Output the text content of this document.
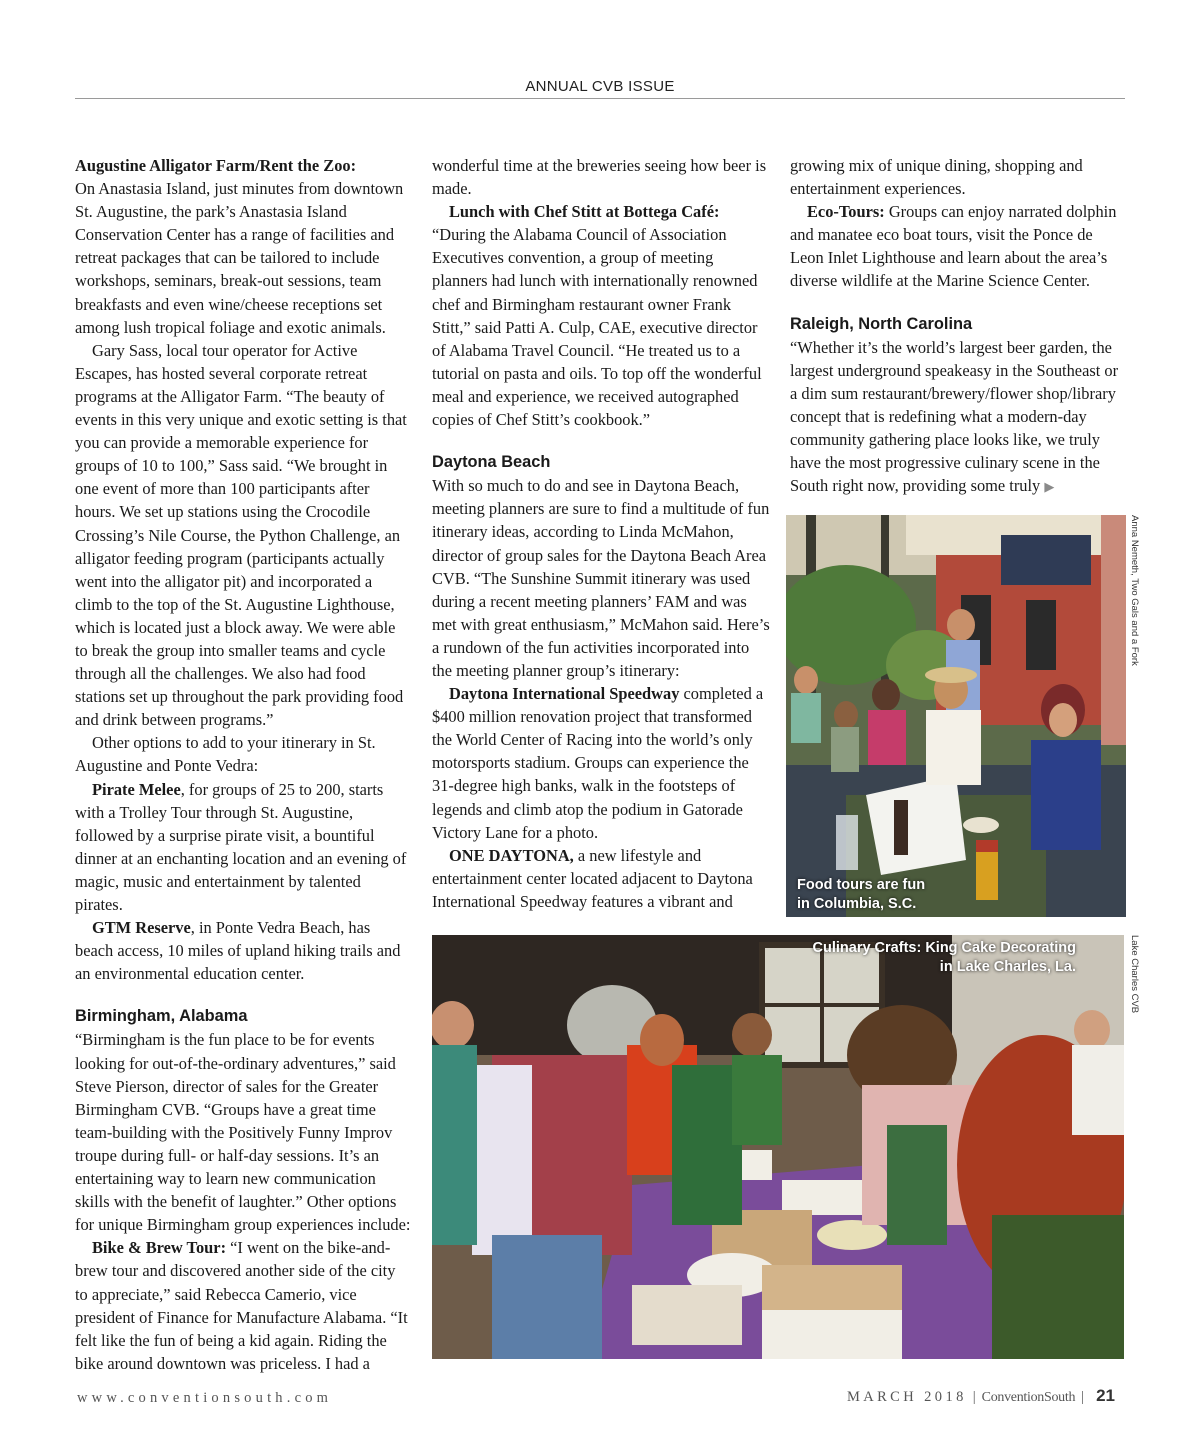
ANNUAL CVB ISSUE

Augustine Alligator Farm/Rent the Zoo:
On Anastasia Island, just minutes from downtown St. Augustine, the park’s Anastasia Island Conservation Center has a range of facilities and retreat packages that can be tailored to include workshops, seminars, break-out sessions, team breakfasts and even wine/cheese receptions set among lush tropical foliage and exotic animals.

Gary Sass, local tour operator for Active Escapes, has hosted several corporate retreat programs at the Alligator Farm. “The beauty of events in this very unique and exotic setting is that you can provide a memorable experience for groups of 10 to 100,” Sass said. “We brought in one event of more than 100 participants after hours. We set up stations using the Crocodile Crossing’s Nile Course, the Python Challenge, an alligator feeding program (participants actually went into the alligator pit) and incorporated a climb to the top of the St. Augustine Lighthouse, which is located just a block away. We were able to break the group into smaller teams and cycle through all the challenges. We also had food stations set up throughout the park providing food and drink between programs.”

Other options to add to your itinerary in St. Augustine and Ponte Vedra:

Pirate Melee, for groups of 25 to 200, starts with a Trolley Tour through St. Augustine, followed by a surprise pirate visit, a bountiful dinner at an enchanting location and an evening of magic, music and entertainment by talented pirates.

GTM Reserve, in Ponte Vedra Beach, has beach access, 10 miles of upland hiking trails and an environmental education center.

Birmingham, Alabama

“Birmingham is the fun place to be for events looking for out-of-the-ordinary adventures,” said Steve Pierson, director of sales for the Greater Birmingham CVB. “Groups have a great time team-building with the Positively Funny Improv troupe during full- or half-day sessions. It’s an entertaining way to learn new communication skills with the benefit of laughter.” Other options for unique Birmingham group experiences include:

Bike & Brew Tour: “I went on the bike-and-brew tour and discovered another side of the city to appreciate,” said Rebecca Camerio, vice president of Finance for Manufacture Alabama. “It felt like the fun of being a kid again. Riding the bike around downtown was priceless. I had a

wonderful time at the breweries seeing how beer is made.

Lunch with Chef Stitt at Bottega Café:

“During the Alabama Council of Association Executives convention, a group of meeting planners had lunch with internationally renowned chef and Birmingham restaurant owner Frank Stitt,” said Patti A. Culp, CAE, executive director of Alabama Travel Council. “He treated us to a tutorial on pasta and oils. To top off the wonderful meal and experience, we received autographed copies of Chef Stitt’s cookbook.”

Daytona Beach

With so much to do and see in Daytona Beach, meeting planners are sure to find a multitude of fun itinerary ideas, according to Linda McMahon, director of group sales for the Daytona Beach Area CVB. “The Sunshine Summit itinerary was used during a recent meeting planners’ FAM and was met with great enthusiasm,” McMahon said. Here’s a rundown of the fun activities incorporated into the meeting planner group’s itinerary:

Daytona International Speedway completed a $400 million renovation project that transformed the World Center of Racing into the world’s only motorsports stadium. Groups can experience the 31-degree high banks, walk in the footsteps of legends and climb atop the podium in Gatorade Victory Lane for a photo.

ONE DAYTONA, a new lifestyle and entertainment center located adjacent to Daytona International Speedway features a vibrant and

growing mix of unique dining, shopping and entertainment experiences.

Eco-Tours: Groups can enjoy narrated dolphin and manatee eco boat tours, visit the Ponce de Leon Inlet Lighthouse and learn about the area’s diverse wildlife at the Marine Science Center.

Raleigh, North Carolina

“Whether it’s the world’s largest beer garden, the largest underground speakeasy in the Southeast or a dim sum restaurant/brewery/flower shop/library concept that is redefining what a modern-day community gathering place looks like, we truly have the most progressive culinary scene in the South right now, providing some truly ▶

Food tours are fun
in Columbia, S.C.
Anna Nemeth, Two Gals and a Fork
Culinary Crafts: King Cake Decorating
in Lake Charles, La.	Lake Charles CVB
www.conventionsouth.com	MARCH 2018 | ConventionSouth | 21
